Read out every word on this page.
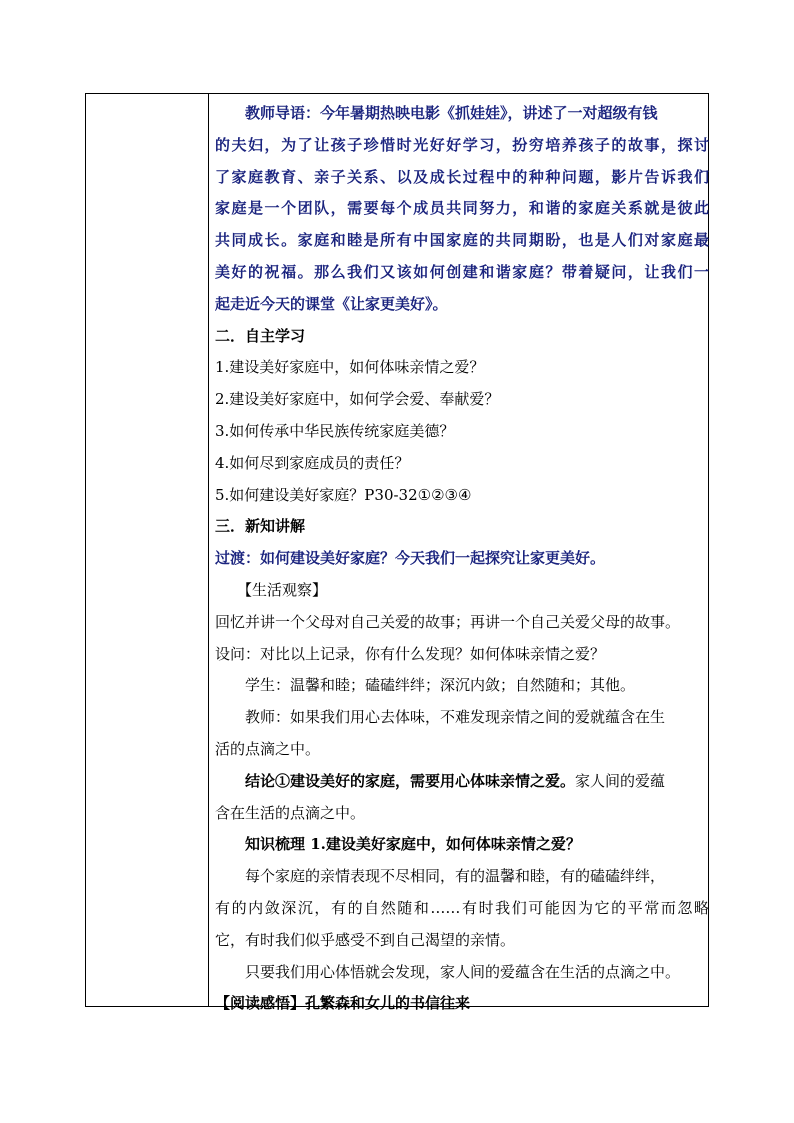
教师导语：今年暑期热映电影《抓娃娃》，讲述了一对超级有钱
的夫妇，为了让孩子珍惜时光好好学习，扮穷培养孩子的故事，探讨
了家庭教育、亲子关系、以及成长过程中的种种问题，影片告诉我们
家庭是一个团队，需要每个成员共同努力，和谐的家庭关系就是彼此
共同成长。家庭和睦是所有中国家庭的共同期盼，也是人们对家庭最
美好的祝福。那么我们又该如何创建和谐家庭？带着疑问，让我们一
起走近今天的课堂《让家更美好》。
二．自主学习
1.建设美好家庭中，如何体味亲情之爱？
2.建设美好家庭中，如何学会爱、奉献爱？
3.如何传承中华民族传统家庭美德？
4.如何尽到家庭成员的责任？
5.如何建设美好家庭？P30-32①②③④
三．新知讲解
过渡：如何建设美好家庭？今天我们一起探究让家更美好。
【生活观察】
回忆并讲一个父母对自己关爱的故事；再讲一个自己关爱父母的故事。
设问：对比以上记录，你有什么发现？如何体味亲情之爱？
学生：温馨和睦；磕磕绊绊；深沉内敛；自然随和；其他。
教师：如果我们用心去体味，不难发现亲情之间的爱就蕴含在生
活的点滴之中。
结论①建设美好的家庭，需要用心体味亲情之爱。家人间的爱蕴
含在生活的点滴之中。
知识梳理 1.建设美好家庭中，如何体味亲情之爱？
每个家庭的亲情表现不尽相同，有的温馨和睦，有的磕磕绊绊，
有的内敛深沉，有的自然随和……有时我们可能因为它的平常而忽略
它，有时我们似乎感受不到自己渴望的亲情。
只要我们用心体悟就会发现，家人间的爱蕴含在生活的点滴之中。
【阅读感悟】孔繁森和女儿的书信往来
